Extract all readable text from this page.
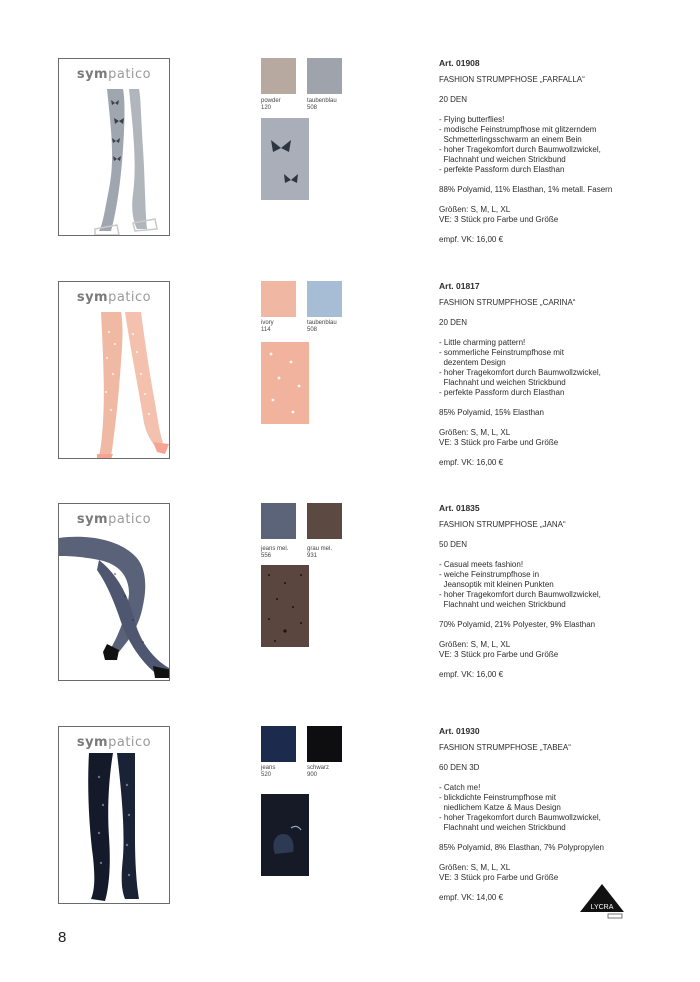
sympatico
powder
120
taubenblau
508
Art. 01908
FASHION STRUMPFHOSE „FARFALLA“
20 DEN
- Flying butterflies!
- modische Feinstrumpfhose mit glitzerndem
Schmetterlingsschwarm an einem Bein
- hoher Tragekomfort durch Baumwollzwickel,
Flachnaht und weichen Strickbund
- perfekte Passform durch Elasthan
88% Polyamid, 11% Elasthan, 1% metall. Fasern
Größen: S, M, L, XL
VE: 3 Stück pro Farbe und Größe
empf. VK: 16,00 €
sympatico
ivory
114
taubenblau
508
Art. 01817
FASHION STRUMPFHOSE „CARINA“
20 DEN
- Little charming pattern!
- sommerliche Feinstrumpfhose mit
dezentem Design
- hoher Tragekomfort durch Baumwollzwickel,
Flachnaht und weichen Strickbund
- perfekte Passform durch Elasthan
85% Polyamid, 15% Elasthan
Größen: S, M, L, XL
VE: 3 Stück pro Farbe und Größe
empf. VK: 16,00 €
sympatico
jeans mel.
556
grau mel.
931
Art. 01835
FASHION STRUMPFHOSE „JANA“
50 DEN
- Casual meets fashion!
- weiche Feinstrumpfhose in
Jeansoptik mit kleinen Punkten
- hoher Tragekomfort durch Baumwollzwickel,
Flachnaht und weichen Strickbund
70% Polyamid, 21% Polyester, 9% Elasthan
Größen: S, M, L, XL
VE: 3 Stück pro Farbe und Größe
empf. VK: 16,00 €
sympatico
jeans
520
schwarz
900
Art. 01930
FASHION STRUMPFHOSE „TABEA“
60 DEN 3D
- Catch me!
- blickdichte Feinstrumpfhose mit
niedlichem Katze & Maus Design
- hoher Tragekomfort durch Baumwollzwickel,
Flachnaht und weichen Strickbund
85% Polyamid, 8% Elasthan, 7% Polypropylen
Größen: S, M, L, XL
VE: 3 Stück pro Farbe und Größe
empf. VK: 14,00 €
LYCRA
8
